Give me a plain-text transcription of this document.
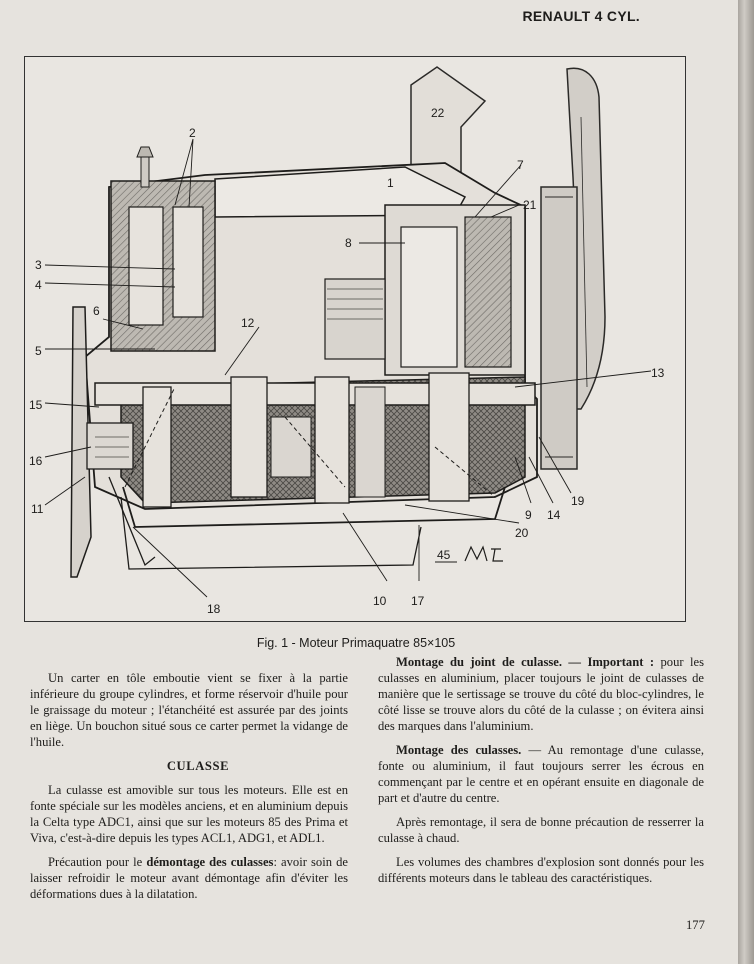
RENAULT 4 CYL.
2
3
4
6
5
1
12
7
8
21
22
13
15
16
11
19
9 14
20
10 17
18
45
Fig. 1 - Moteur Primaquatre 85×105

Un carter en tôle emboutie vient se fixer à la partie inférieure du groupe cylindres, et forme réservoir d'huile pour le graissage du moteur ; l'étanchéité est assurée par des joints en liège. Un bouchon situé sous ce carter permet la vidange de l'huile.

CULASSE

La culasse est amovible sur tous les moteurs. Elle est en fonte spéciale sur les modèles anciens, et en aluminium depuis la Celta type ADC1, ainsi que sur les moteurs 85 des Prima et Viva, c'est-à-dire depuis les types ACL1, ADG1, et ADL1.

Précaution pour le démontage des culasses: avoir soin de laisser refroidir le moteur avant démontage afin d'éviter les déformations dues à la dilatation.

Montage du joint de culasse. — Important : pour les culasses en aluminium, placer toujours le joint de culasses de manière que le sertissage se trouve du côté du bloc-cylindres, le côté lisse se trouve alors du côté de la culasse ; on évitera ainsi des marques dans l'aluminium.

Montage des culasses. — Au remontage d'une culasse, fonte ou aluminium, il faut toujours serrer les écrous en commençant par le centre et en opérant ensuite en diagonale de part et d'autre du centre.

Après remontage, il sera de bonne précaution de resserrer la culasse à chaud.

Les volumes des chambres d'explosion sont donnés pour les différents moteurs dans le tableau des caractéristiques.

177
